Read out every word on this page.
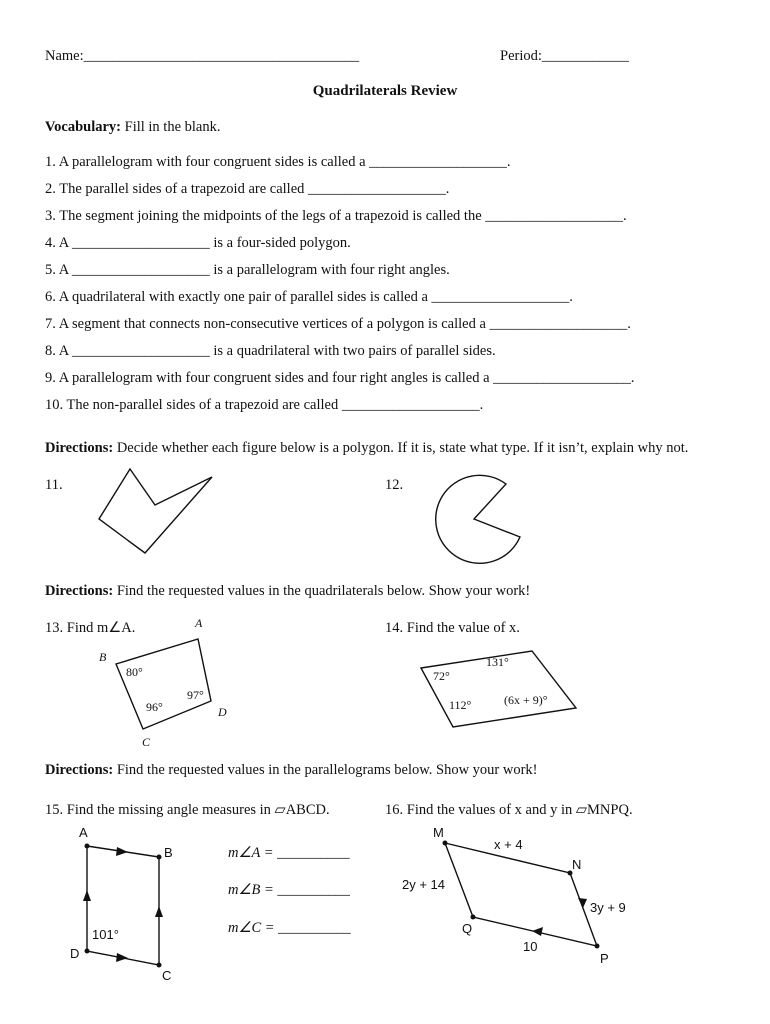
Name:______________________________________	Period:____________
Quadrilaterals Review
Vocabulary: Fill in the blank.
1. A parallelogram with four congruent sides is called a ___________________.
2. The parallel sides of a trapezoid are called ___________________.
3. The segment joining the midpoints of the legs of a trapezoid is called the ___________________.
4. A ___________________ is a four-sided polygon.
5. A ___________________ is a parallelogram with four right angles.
6. A quadrilateral with exactly one pair of parallel sides is called a ___________________.
7. A segment that connects non-consecutive vertices of a polygon is called a ___________________.
8. A ___________________ is a quadrilateral with two pairs of parallel sides.
9. A parallelogram with four congruent sides and four right angles is called a ___________________.
10. The non-parallel sides of a trapezoid are called ___________________.
Directions: Decide whether each figure below is a polygon. If it is, state what type. If it isn’t, explain why not.
11.	12.
Directions: Find the requested values in the quadrilaterals below. Show your work!
13. Find m∠A.	14. Find the value of x.
A
B
C
D
80°
96°
97°
72°
131°
112°	(6x + 9)°
Directions: Find the requested values in the parallelograms below. Show your work!
15. Find the missing angle measures in ▱ABCD.	16. Find the values of x and y in ▱MNPQ.
A
B
C
D
101°
m∠A = __________
m∠B = __________
m∠C = __________
M
N
P
Q
x + 4
2y + 14
3y + 9
10
